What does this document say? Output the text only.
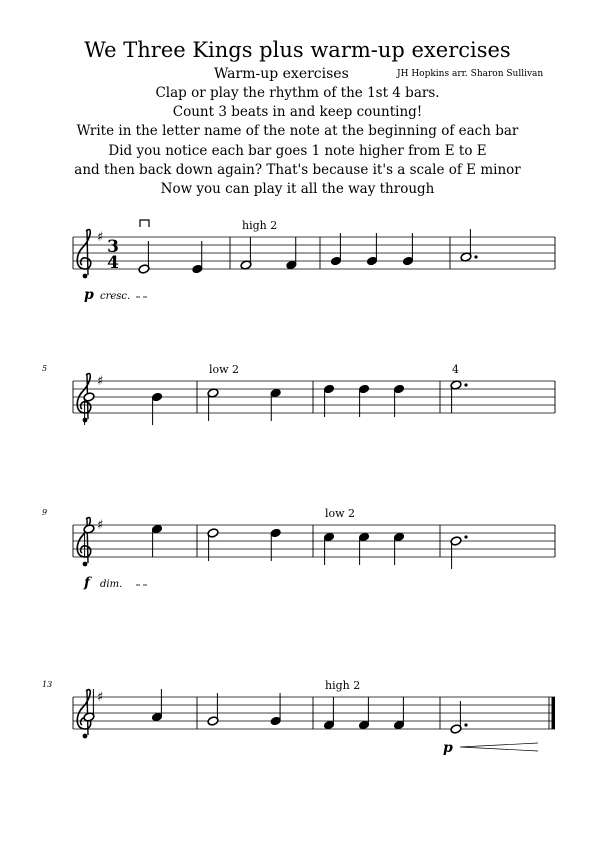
We Three Kings plus warm-up exercises
Warm-up exercises	JH Hopkins arr. Sharon Sullivan
Clap or play the rhythm of the 1st 4 bars.
Count 3 beats in and keep counting!
Write in the letter name of the note at the beginning of each bar
Did you notice each bar goes 1 note higher from E to E
and then back down again? That's because it's a scale of E minor
Now you can play it all the way through
♯ 3
4
high 2
p cresc.
♯
5	low 2	4
♯
9	low 2
f dim.
♯
13	high 2
p
